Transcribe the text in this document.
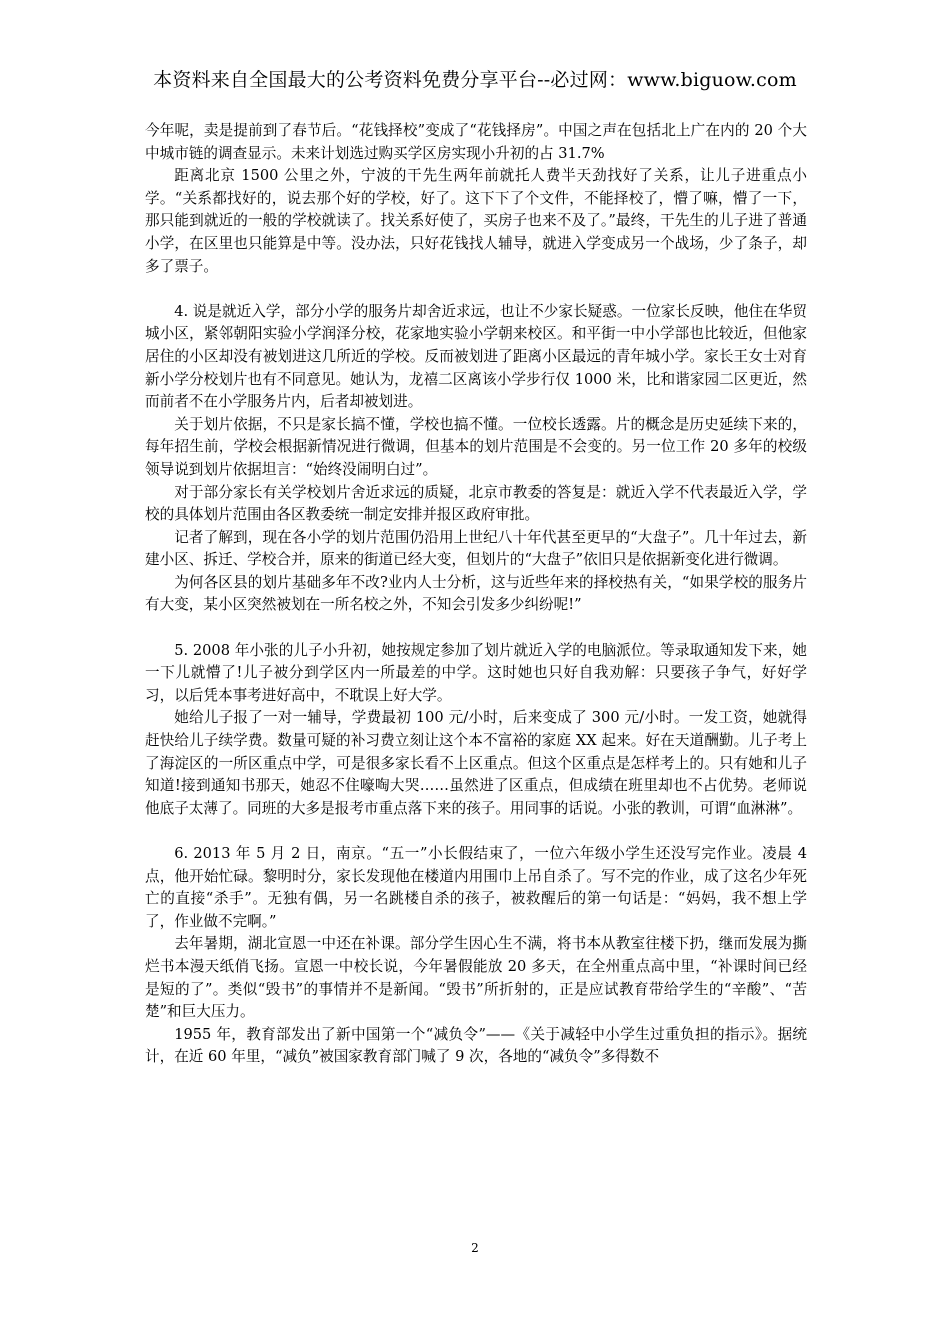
本资料来自全国最大的公考资料免费分享平台--必过网：www.biguow.com

今年呢，卖是提前到了春节后。“花钱择校”变成了“花钱择房”。中国之声在包括北上广在内的 20 个大中城市链的调查显示。未来计划选过购买学区房实现小升初的占 31.7%

距离北京 1500 公里之外，宁波的干先生两年前就托人费半天劲找好了关系，让儿子进重点小学。“关系都找好的，说去那个好的学校，好了。这下下了个文件，不能择校了，懵了嘛，懵了一下，那只能到就近的一般的学校就读了。找关系好使了，买房子也来不及了。”最终，干先生的儿子进了普通小学，在区里也只能算是中等。没办法，只好花钱找人辅导，就进入学变成另一个战场，少了条子，却多了票子。

4. 说是就近入学，部分小学的服务片却舍近求远，也让不少家长疑惑。一位家长反映，他住在华贸城小区，紧邻朝阳实验小学润泽分校，花家地实验小学朝来校区。和平街一中小学部也比较近，但他家居住的小区却没有被划进这几所近的学校。反而被划进了距离小区最远的青年城小学。家长王女士对育新小学分校划片也有不同意见。她认为，龙禧二区离该小学步行仅 1000 米，比和谐家园二区更近，然而前者不在小学服务片内，后者却被划进。

关于划片依据，不只是家长搞不懂，学校也搞不懂。一位校长透露。片的概念是历史延续下来的，每年招生前，学校会根据新情况进行微调，但基本的划片范围是不会变的。另一位工作 20 多年的校级领导说到划片依据坦言：“始终没闹明白过”。

对于部分家长有关学校划片舍近求远的质疑，北京市教委的答复是：就近入学不代表最近入学，学校的具体划片范围由各区教委统一制定安排并报区政府审批。

记者了解到，现在各小学的划片范围仍沿用上世纪八十年代甚至更早的“大盘子”。几十年过去，新建小区、拆迁、学校合并，原来的街道已经大变，但划片的“大盘子”依旧只是依据新变化进行微调。

为何各区县的划片基础多年不改?业内人士分析，这与近些年来的择校热有关，“如果学校的服务片有大变，某小区突然被划在一所名校之外，不知会引发多少纠纷呢!”

5. 2008 年小张的儿子小升初，她按规定参加了划片就近入学的电脑派位。等录取通知发下来，她一下儿就懵了!儿子被分到学区内一所最差的中学。这时她也只好自我劝解：只要孩子争气，好好学习，以后凭本事考进好高中，不耽误上好大学。

她给儿子报了一对一辅导，学费最初 100 元/小时，后来变成了 300 元/小时。一发工资，她就得赶快给儿子续学费。数量可疑的补习费立刻让这个本不富裕的家庭 XX 起来。好在天道酬勤。儿子考上了海淀区的一所区重点中学，可是很多家长看不上区重点。但这个区重点是怎样考上的。只有她和儿子知道!接到通知书那天，她忍不住嚎啕大哭……虽然进了区重点，但成绩在班里却也不占优势。老师说他底子太薄了。同班的大多是报考市重点落下来的孩子。用同事的话说。小张的教训，可谓“血淋淋”。

6. 2013 年 5 月 2 日，南京。“五一”小长假结束了，一位六年级小学生还没写完作业。凌晨 4 点，他开始忙碌。黎明时分，家长发现他在楼道内用围巾上吊自杀了。写不完的作业，成了这名少年死亡的直接“杀手”。无独有偶，另一名跳楼自杀的孩子，被救醒后的第一句话是：“妈妈，我不想上学了，作业做不完啊。”

去年暑期，湖北宣恩一中还在补课。部分学生因心生不满，将书本从教室往楼下扔，继而发展为撕烂书本漫天纸俏飞扬。宣恩一中校长说，今年暑假能放 20 多天，在全州重点高中里，“补课时间已经是短的了”。类似“毁书”的事情并不是新闻。“毁书”所折射的，正是应试教育带给学生的“辛酸”、“苦楚”和巨大压力。

1955 年，教育部发出了新中国第一个“减负令”——《关于减轻中小学生过重负担的指示》。据统计，在近 60 年里，“减负”被国家教育部门喊了 9 次，各地的“减负令”多得数不

2
